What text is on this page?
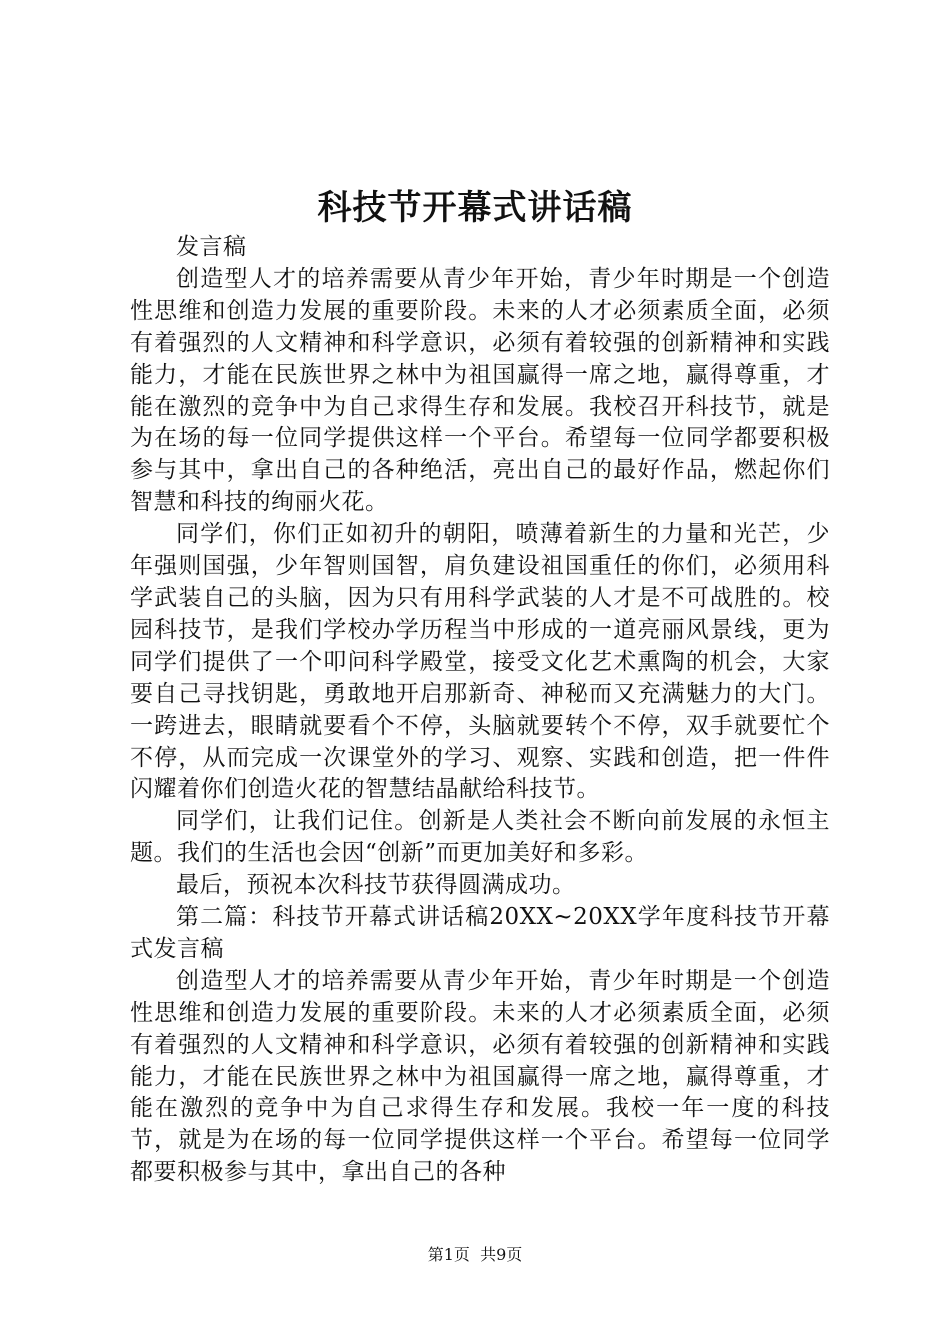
科技节开幕式讲话稿

发言稿

创造型人才的培养需要从青少年开始，青少年时期是一个创造性思维和创造力发展的重要阶段。未来的人才必须素质全面，必须有着强烈的人文精神和科学意识，必须有着较强的创新精神和实践能力，才能在民族世界之林中为祖国赢得一席之地，赢得尊重，才能在激烈的竞争中为自己求得生存和发展。我校召开科技节，就是为在场的每一位同学提供这样一个平台。希望每一位同学都要积极参与其中，拿出自己的各种绝活，亮出自己的最好作品，燃起你们智慧和科技的绚丽火花。

同学们，你们正如初升的朝阳，喷薄着新生的力量和光芒，少年强则国强，少年智则国智，肩负建设祖国重任的你们，必须用科学武装自己的头脑，因为只有用科学武装的人才是不可战胜的。校园科技节，是我们学校办学历程当中形成的一道亮丽风景线，更为同学们提供了一个叩问科学殿堂，接受文化艺术熏陶的机会，大家要自己寻找钥匙，勇敢地开启那新奇、神秘而又充满魅力的大门。一跨进去，眼睛就要看个不停，头脑就要转个不停，双手就要忙个不停，从而完成一次课堂外的学习、观察、实践和创造，把一件件闪耀着你们创造火花的智慧结晶献给科技节。

同学们，让我们记住。创新是人类社会不断向前发展的永恒主题。我们的生活也会因“创新”而更加美好和多彩。

最后，预祝本次科技节获得圆满成功。

第二篇：科技节开幕式讲话稿20XX~20XX学年度科技节开幕式发言稿

创造型人才的培养需要从青少年开始，青少年时期是一个创造性思维和创造力发展的重要阶段。未来的人才必须素质全面，必须有着强烈的人文精神和科学意识，必须有着较强的创新精神和实践能力，才能在民族世界之林中为祖国赢得一席之地，赢得尊重，才能在激烈的竞争中为自己求得生存和发展。我校一年一度的科技节，就是为在场的每一位同学提供这样一个平台。希望每一位同学都要积极参与其中，拿出自己的各种

第1页  共9页
